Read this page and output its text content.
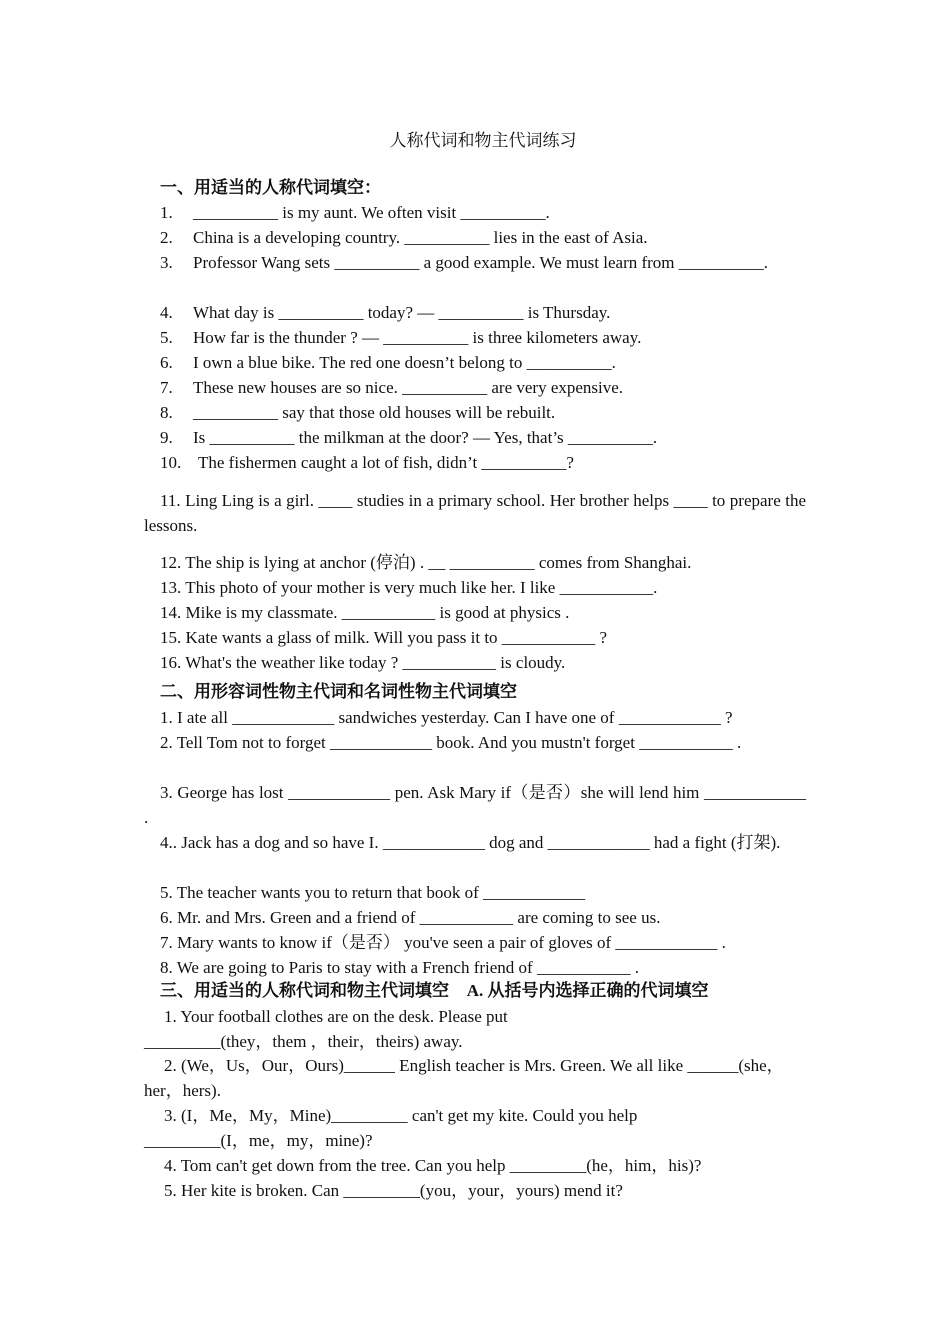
人称代词和物主代词练习
一、用适当的人称代词填空：
1. __________ is my aunt. We often visit __________.
2. China is a developing country. __________ lies in the east of Asia.
3. Professor Wang sets __________ a good example. We must learn from __________.
4. What day is __________ today? — __________ is Thursday.
5. How far is the thunder ? — __________ is three kilometers away.
6. I own a blue bike. The red one doesn’t belong to __________.
7. These new houses are so nice. __________ are very expensive.
8. __________ say that those old houses will be rebuilt.
9. Is __________ the milkman at the door? — Yes, that’s __________.
10. The fishermen caught a lot of fish, didn’t __________?
11. Ling Ling is a girl. ____ studies in a primary school. Her brother helps ____ to prepare the lessons.
12. The ship is lying at anchor (停泊) . __ __________ comes from Shanghai.
13. This photo of your mother is very much like her. I like ___________.
14. Mike is my classmate. ___________ is good at physics .
15. Kate wants a glass of milk. Will you pass it to ___________ ?
16. What's the weather like today ? ___________ is cloudy.
二、用形容词性物主代词和名词性物主代词填空
1. I ate all ____________ sandwiches yesterday. Can I have one of ____________ ?
2. Tell Tom not to forget ____________ book. And you mustn't forget ___________ .
3. George has lost ____________ pen. Ask Mary if（是否）she will lend him ____________ .
4.. Jack has a dog and so have I. ____________ dog and ____________ had a fight (打架).
5. The teacher wants you to return that book of ____________
6. Mr. and Mrs. Green and a friend of ___________ are coming to see us.
7. Mary wants to know if（是否） you've seen a pair of gloves of ____________ .
8. We are going to Paris to stay with a French friend of ___________ .
三、用适当的人称代词和物主代词填空 A. 从括号内选择正确的代词填空
1. Your football clothes are on the desk. Please put _________(they，them ，their，theirs) away.
2. (We，Us，Our，Ours)______ English teacher is Mrs. Green. We all like ______(she，her，hers).
3. (I，Me，My，Mine)_________ can't get my kite. Could you help _________(I，me，my，mine)?
4. Tom can't get down from the tree. Can you help _________(he，him，his)?
5. Her kite is broken. Can _________(you，your，yours) mend it?
